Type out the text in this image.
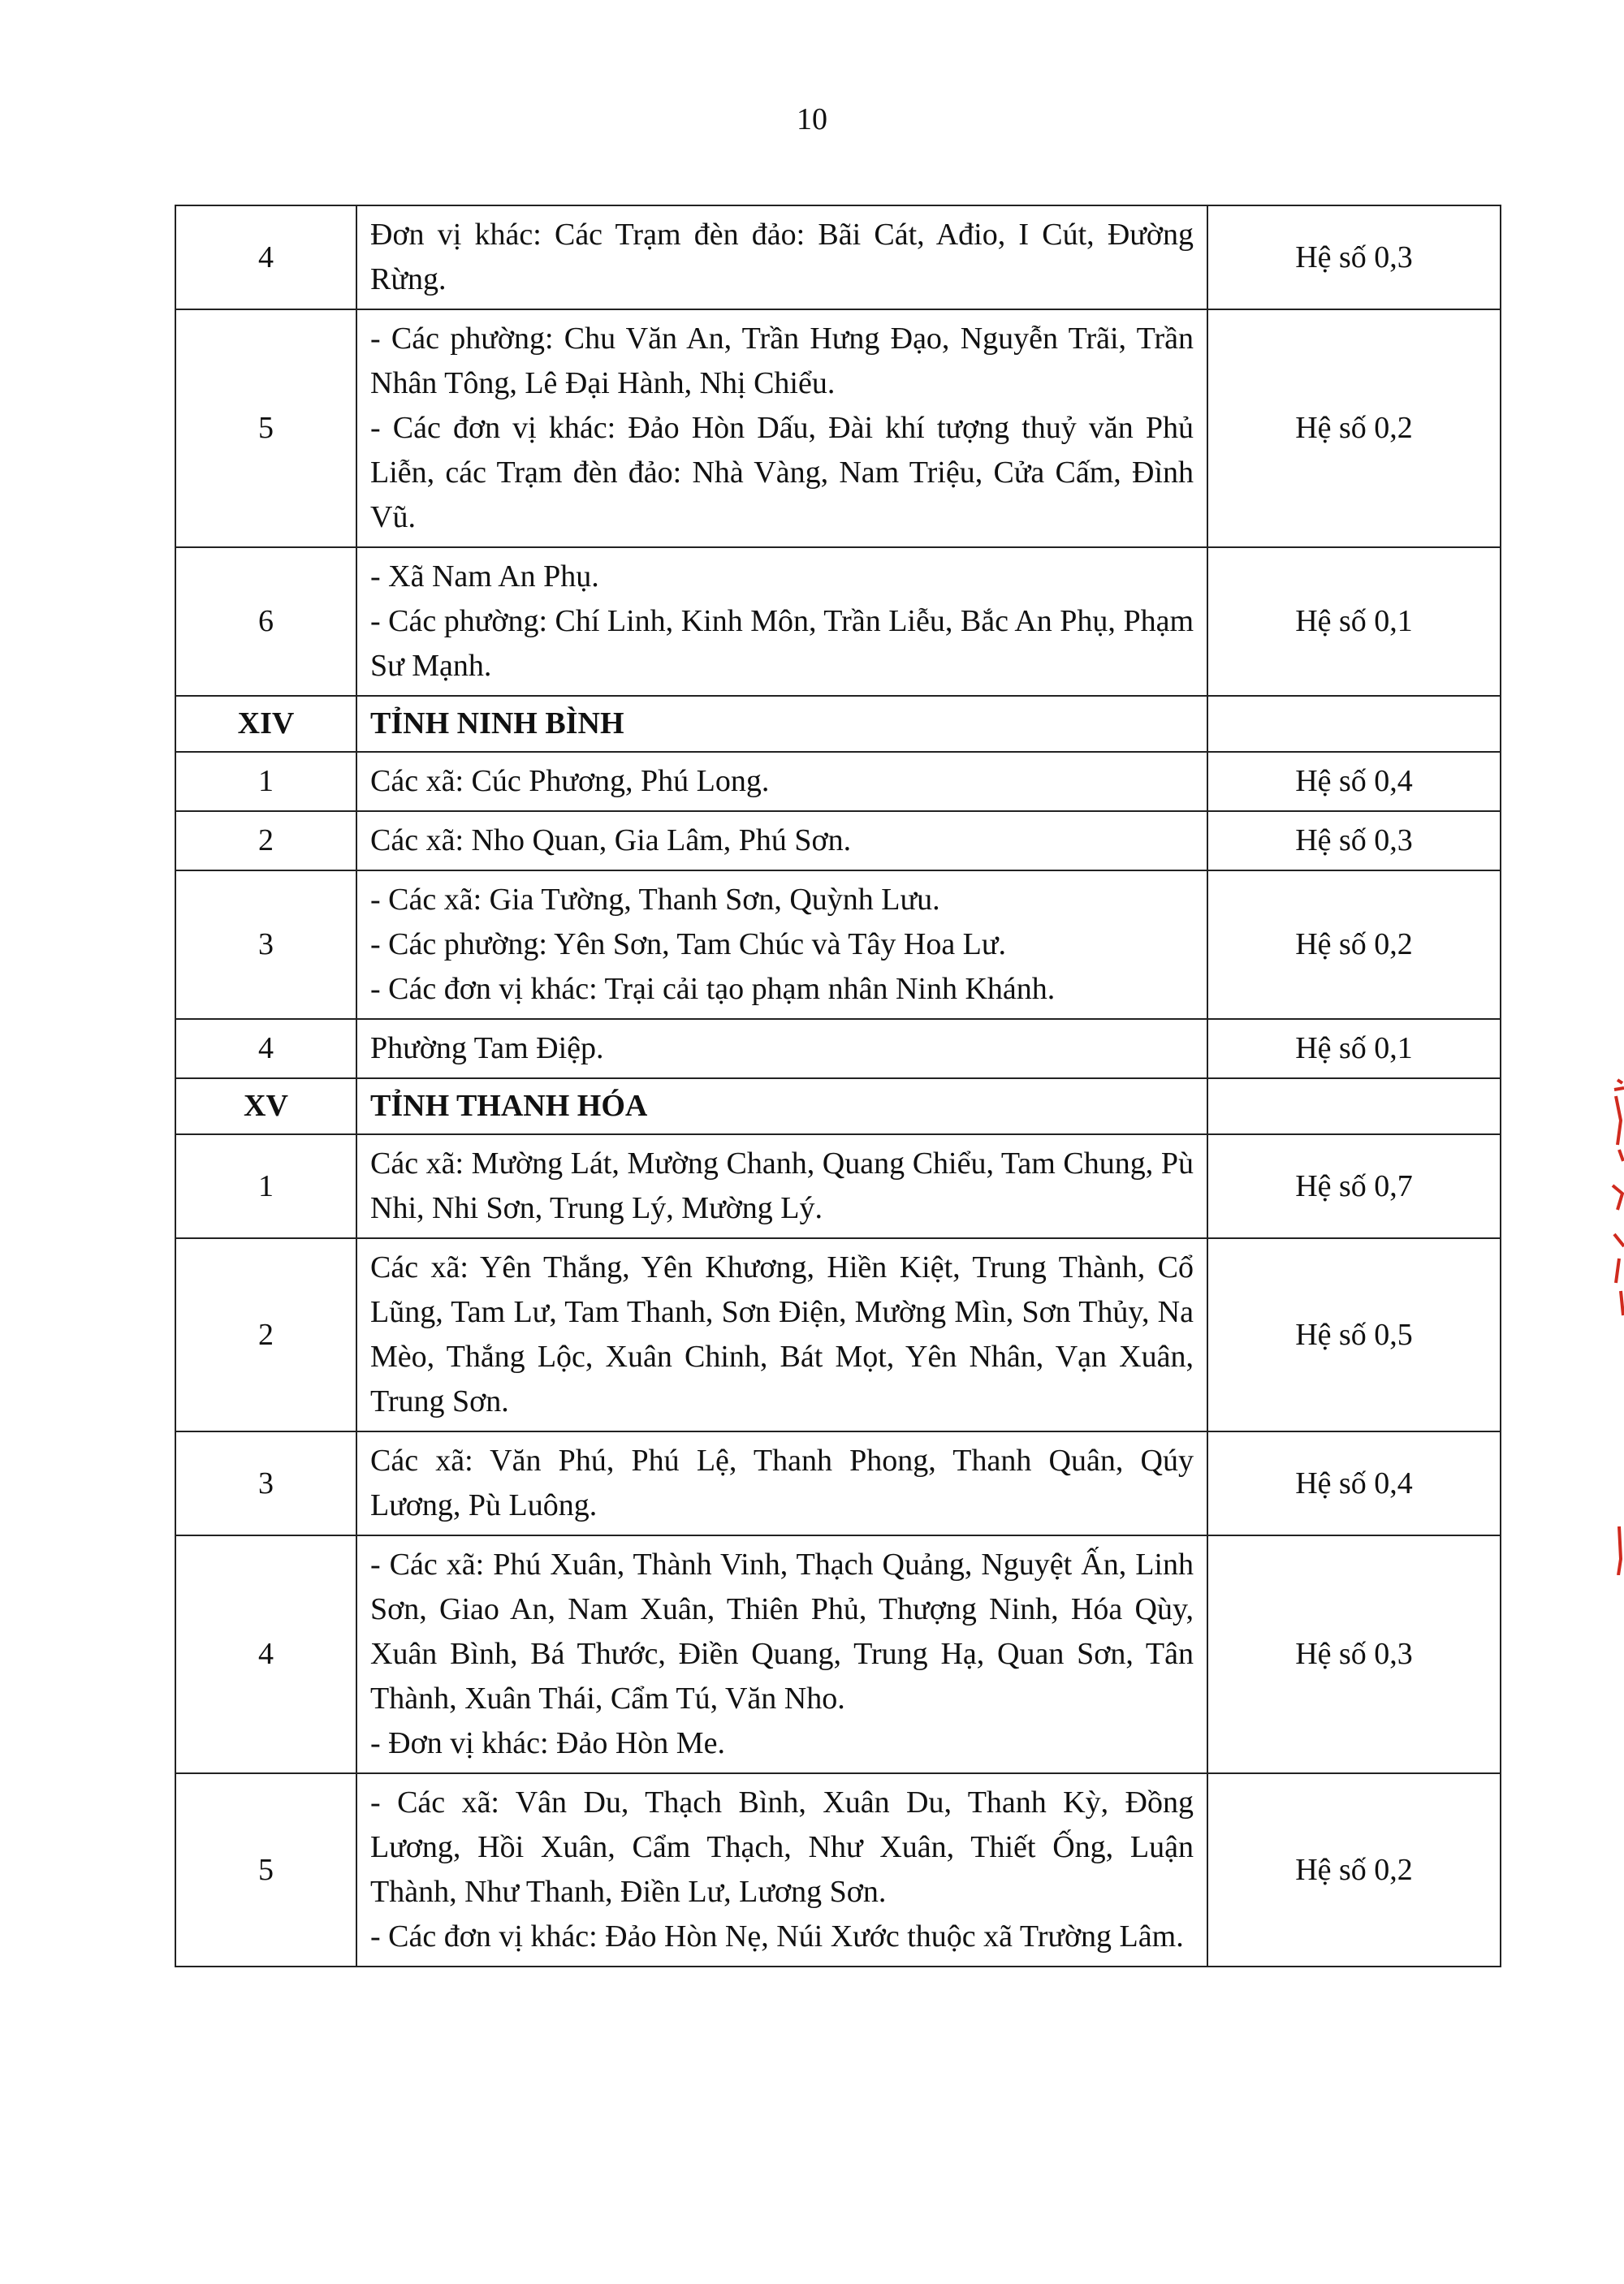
10
4	Đơn vị khác: Các Trạm đèn đảo: Bãi Cát, Ađio, I Cút, Đường Rừng.	Hệ số 0,3
5	- Các phường: Chu Văn An, Trần Hưng Đạo, Nguyễn Trãi, Trần Nhân Tông, Lê Đại Hành, Nhị Chiểu.
- Các đơn vị khác: Đảo Hòn Dấu, Đài khí tượng thuỷ văn Phủ Liễn, các Trạm đèn đảo: Nhà Vàng, Nam Triệu, Cửa Cấm, Đình Vũ.	Hệ số 0,2
6	- Xã Nam An Phụ.
- Các phường: Chí Linh, Kinh Môn, Trần Liễu, Bắc An Phụ, Phạm Sư Mạnh.	Hệ số 0,1
XIV	TỈNH NINH BÌNH	
1	Các xã: Cúc Phương, Phú Long.	Hệ số 0,4
2	Các xã: Nho Quan, Gia Lâm, Phú Sơn.	Hệ số 0,3
3	- Các xã: Gia Tường, Thanh Sơn, Quỳnh Lưu.
- Các phường: Yên Sơn, Tam Chúc và Tây Hoa Lư.
- Các đơn vị khác: Trại cải tạo phạm nhân Ninh Khánh.	Hệ số 0,2
4	Phường Tam Điệp.	Hệ số 0,1
XV	TỈNH THANH HÓA	
1	Các xã: Mường Lát, Mường Chanh, Quang Chiểu, Tam Chung, Pù Nhi, Nhi Sơn, Trung Lý, Mường Lý.	Hệ số 0,7
2	Các xã: Yên Thắng, Yên Khương, Hiền Kiệt, Trung Thành, Cổ Lũng, Tam Lư, Tam Thanh, Sơn Điện, Mường Mìn, Sơn Thủy, Na Mèo, Thắng Lộc, Xuân Chinh, Bát Mọt, Yên Nhân, Vạn Xuân, Trung Sơn.	Hệ số 0,5
3	Các xã: Văn Phú, Phú Lệ, Thanh Phong, Thanh Quân, Qúy Lương, Pù Luông.	Hệ số 0,4
4	- Các xã: Phú Xuân, Thành Vinh, Thạch Quảng, Nguyệt Ấn, Linh Sơn, Giao An, Nam Xuân, Thiên Phủ, Thượng Ninh, Hóa Qùy, Xuân Bình, Bá Thước, Điền Quang, Trung Hạ, Quan Sơn, Tân Thành, Xuân Thái, Cẩm Tú, Văn Nho.
- Đơn vị khác: Đảo Hòn Me.	Hệ số 0,3
5	- Các xã: Vân Du, Thạch Bình, Xuân Du, Thanh Kỳ, Đồng Lương, Hồi Xuân, Cẩm Thạch, Như Xuân, Thiết Ống, Luận Thành, Như Thanh, Điền Lư, Lương Sơn.
- Các đơn vị khác: Đảo Hòn Nẹ, Núi Xước thuộc xã Trường Lâm.	Hệ số 0,2
